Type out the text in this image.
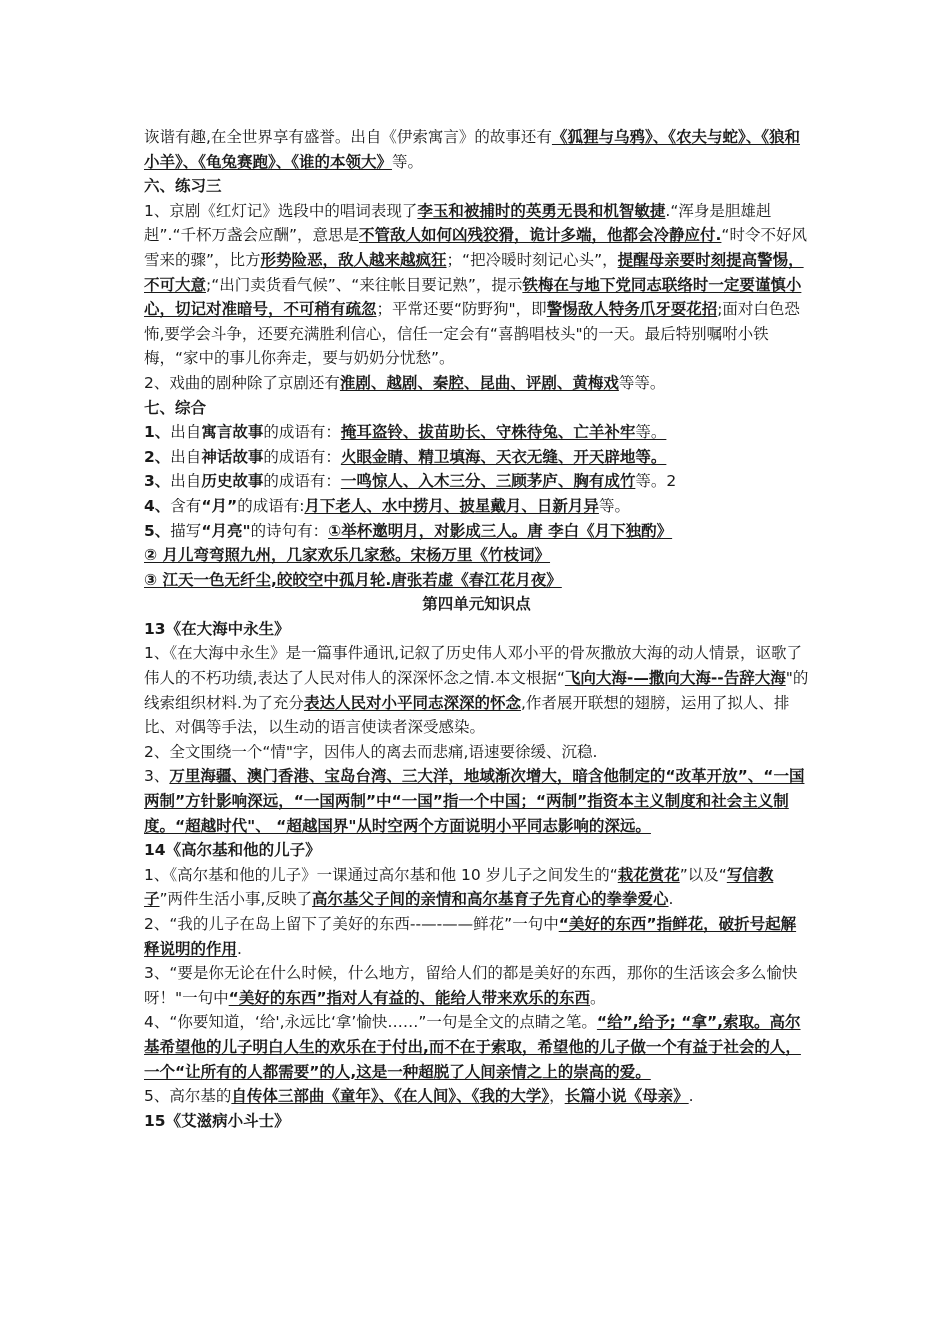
诙谐有趣,在全世界享有盛誉。出自《伊索寓言》的故事还有《狐狸与乌鸦》、《农夫与蛇》、《狼和小羊》、《龟兔赛跑》、《谁的本领大》等。

六、练习三

1、京剧《红灯记》选段中的唱词表现了李玉和被捕时的英勇无畏和机智敏捷.“浑身是胆雄赳赳”.“千杯万盏会应酬”，意思是不管敌人如何凶残狡猾，诡计多端，他都会冷静应付.“时令不好风雪来的骤”，比方形势险恶，敌人越来越疯狂；“把冷暖时刻记心头”，提醒母亲要时刻提高警惕，不可大意;“出门卖货看气候”、“来往帐目要记熟”，提示铁梅在与地下党同志联络时一定要谨慎小心，切记对准暗号，不可稍有疏忽；平常还要“防野狗"，即警惕敌人特务爪牙耍花招;面对白色恐怖,要学会斗争，还要充满胜利信心，信任一定会有“喜鹊唱枝头"的一天。最后特别嘱咐小铁梅，“家中的事儿你奔走，要与奶奶分忧愁”。

2、戏曲的剧种除了京剧还有淮剧、越剧、秦腔、昆曲、评剧、黄梅戏等等。

七、综合

1、出自寓言故事的成语有：掩耳盗铃、拔苗助长、守株待兔、亡羊补牢等。

2、出自神话故事的成语有：火眼金睛、精卫填海、天衣无缝、开天辟地等。

3、出自历史故事的成语有：一鸣惊人、入木三分、三顾茅庐、胸有成竹等。2

4、含有“月”的成语有:月下老人、水中捞月、披星戴月、日新月异等。

5、描写“月亮"的诗句有：①举杯邀明月，对影成三人。唐 李白《月下独酌》

② 月儿弯弯照九州，几家欢乐几家愁。宋杨万里《竹枝词》

③ 江天一色无纤尘,皎皎空中孤月轮.唐张若虚《春江花月夜》

第四单元知识点

13《在大海中永生》

1、《在大海中永生》是一篇事件通讯,记叙了历史伟人邓小平的骨灰撒放大海的动人情景，讴歌了伟人的不朽功绩,表达了人民对伟人的深深怀念之情.本文根据“飞向大海-—撒向大海--告辞大海"的线索组织材料.为了充分表达人民对小平同志深深的怀念,作者展开联想的翅膀，运用了拟人、排比、对偶等手法，以生动的语言使读者深受感染。

2、全文围绕一个“情"字，因伟人的离去而悲痛,语速要徐缓、沉稳.

3、万里海疆、澳门香港、宝岛台湾、三大洋，地域渐次增大，暗含他制定的“改革开放”、“一国两制”方针影响深远，“一国两制”中“一国”指一个中国；“两制”指资本主义制度和社会主义制度。“超越时代"、 “超越国界"从时空两个方面说明小平同志影响的深远。

14《高尔基和他的儿子》

1、《高尔基和他的儿子》一课通过高尔基和他 10 岁儿子之间发生的“栽花赏花”以及“写信教子”两件生活小事,反映了高尔基父子间的亲情和高尔基育子先育心的拳拳爱心.

2、“我的儿子在岛上留下了美好的东西--—-——鲜花”一句中“美好的东西”指鲜花，破折号起解释说明的作用.

3、“要是你无论在什么时候，什么地方，留给人们的都是美好的东西，那你的生活该会多么愉快呀！"一句中“美好的东西”指对人有益的、能给人带来欢乐的东西。

4、“你要知道，‘给',永远比‘拿’愉快……”一句是全文的点睛之笔。“给”,给予; “拿”,索取。高尔基希望他的儿子明白人生的欢乐在于付出,而不在于索取，希望他的儿子做一个有益于社会的人，一个“让所有的人都需要”的人,这是一种超脱了人间亲情之上的崇高的爱。

5、高尔基的自传体三部曲《童年》、《在人间》、《我的大学》，长篇小说《母亲》.

15《艾滋病小斗士》
